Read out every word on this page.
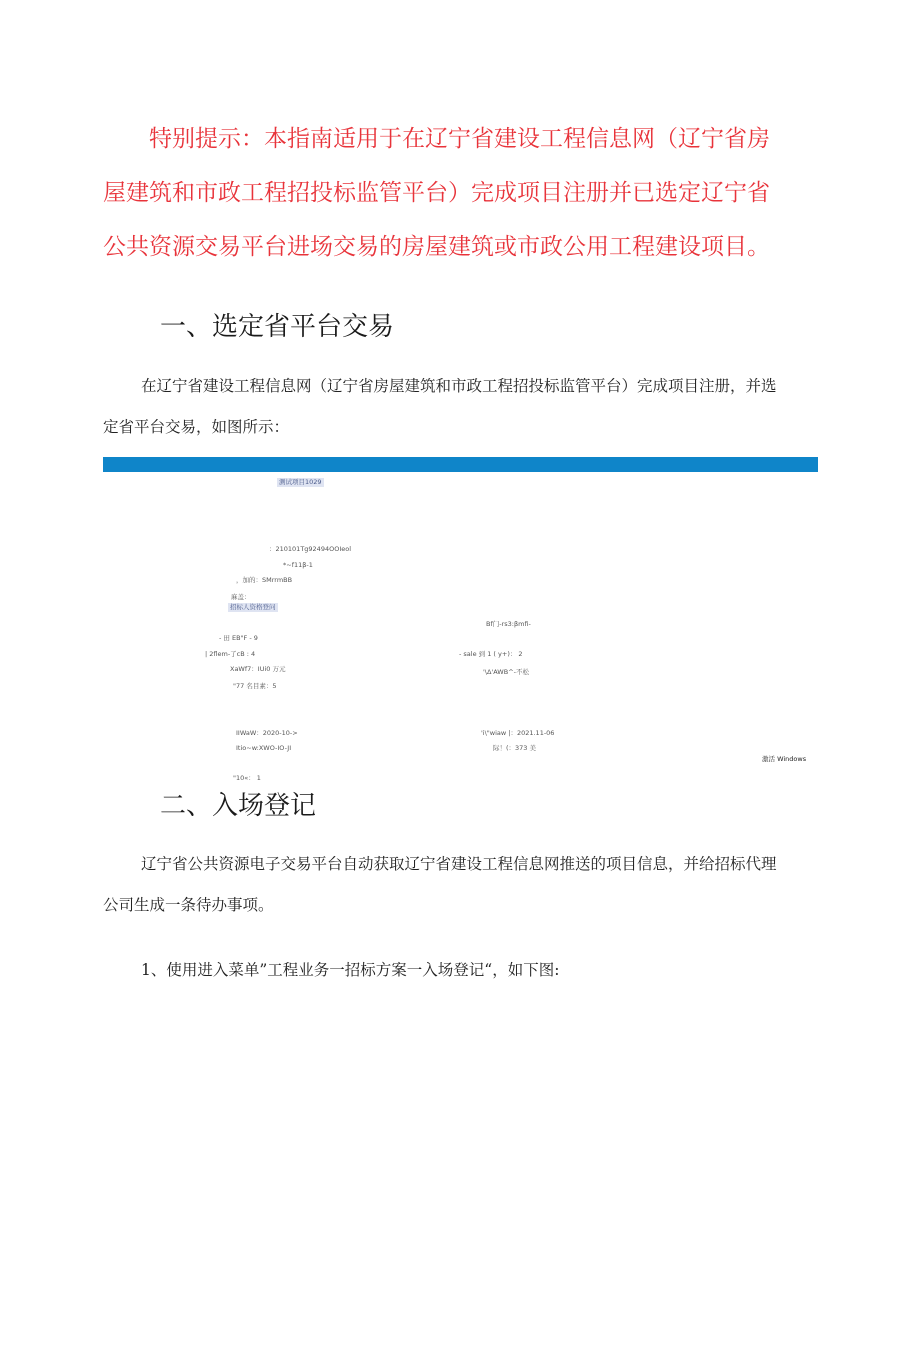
特别提示：本指南适用于在辽宁省建设工程信息网（辽宁省房
屋建筑和市政工程招投标监管平台）完成项目注册并已选定辽宁省
公共资源交易平台进场交易的房屋建筑或市政公用工程建设项目。
一、选定省平台交易
在辽宁省建设工程信息网（辽宁省房屋建筑和市政工程招投标监管平台）完成项目注册，并选
定省平台交易，如图所示：
测试项目1029
：210101Tg92494OOIeol
*~f11β-1
，加的：SMrrmBB
麻盖：
招标人资格登问
Bf门-rs3:βmfi-
- 田 EB"F - 9
| 2flem-了cB : 4	- sale 到 1 ( y+)： 2
XaWf7：IUi0 万元	'\Δ'AWB^-不松
"77 名目素：5
IIWaW：2020-10->	'i\"wiaw |：2021.11-06
Itio~w:XWO-IO-JI	际！(：373 美
激活 Windows
"10«： 1
二、入场登记
辽宁省公共资源电子交易平台自动获取辽宁省建设工程信息网推送的项目信息，并给招标代理
公司生成一条待办事项。
1、使用进入菜单”工程业务一招标方案一入场登记“，如下图:
